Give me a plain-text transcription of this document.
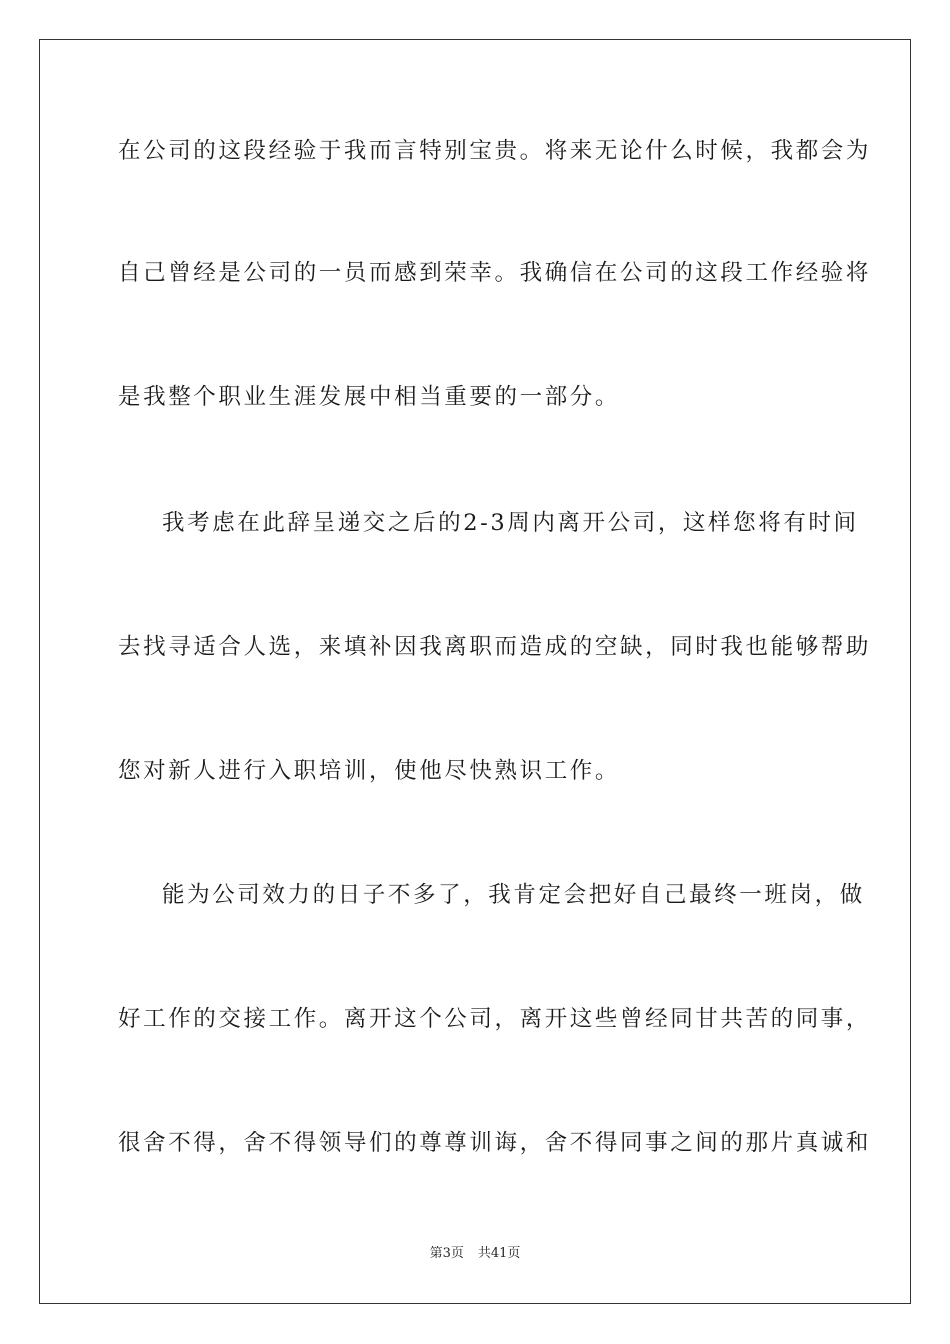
在公司的这段经验于我而言特别宝贵。将来无论什么时候，我都会为
自己曾经是公司的一员而感到荣幸。我确信在公司的这段工作经验将
是我整个职业生涯发展中相当重要的一部分。
我考虑在此辞呈递交之后的2-3周内离开公司，这样您将有时间
去找寻适合人选，来填补因我离职而造成的空缺，同时我也能够帮助
您对新人进行入职培训，使他尽快熟识工作。
能为公司效力的日子不多了，我肯定会把好自己最终一班岗，做
好工作的交接工作。离开这个公司，离开这些曾经同甘共苦的同事，
很舍不得，舍不得领导们的尊尊训诲，舍不得同事之间的那片真诚和
第3页 共41页
